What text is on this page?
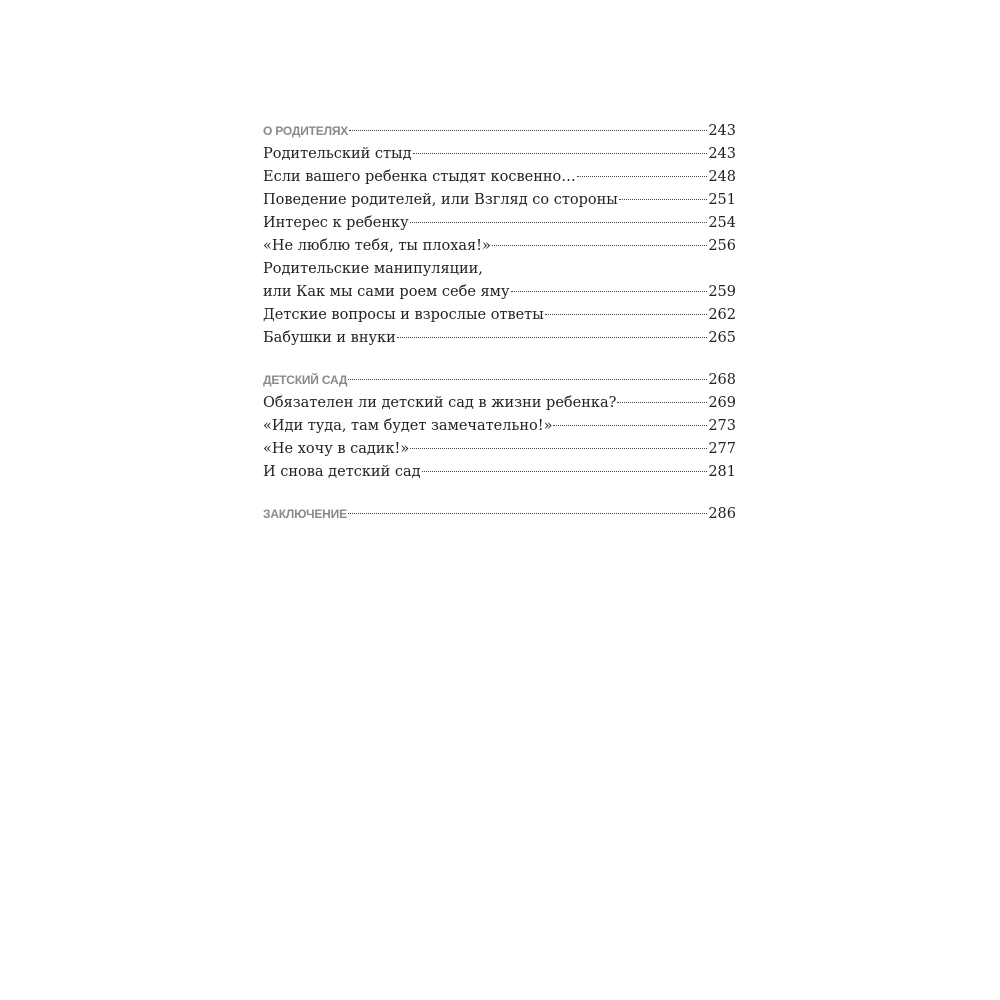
О РОДИТЕЛЯХ	243
Родительский стыд	243
Если вашего ребенка стыдят косвенно…	248
Поведение родителей, или Взгляд со стороны	251
Интерес к ребенку	254
«Не люблю тебя, ты плохая!»	256
Родительские манипуляции,
или Как мы сами роем себе яму	259
Детские вопросы и взрослые ответы	262
Бабушки и внуки	265
ДЕТСКИЙ САД	268
Обязателен ли детский сад в жизни ребенка?	269
«Иди туда, там будет замечательно!»	273
«Не хочу в садик!»	277
И снова детский сад	281
ЗАКЛЮЧЕНИЕ	286
